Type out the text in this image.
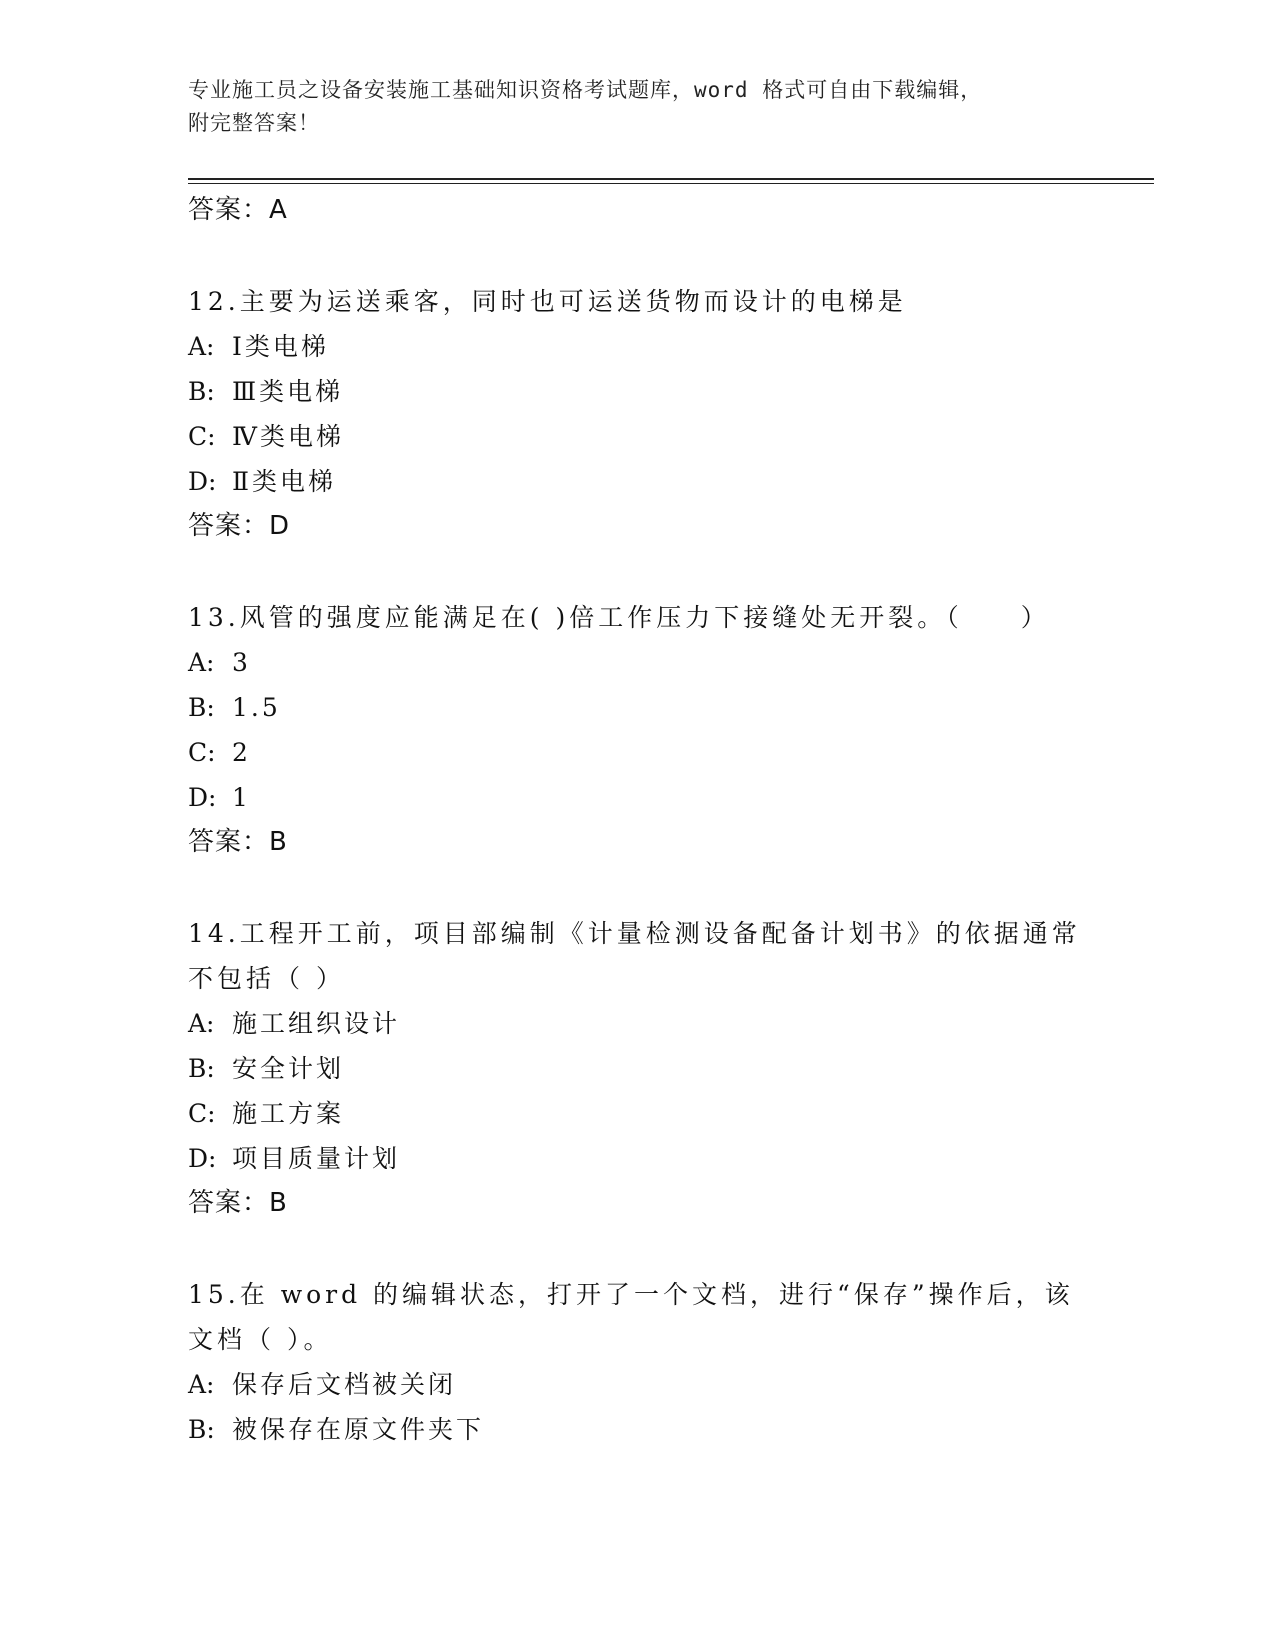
专业施工员之设备安装施工基础知识资格考试题库，word 格式可自由下载编辑，
附完整答案！
答案：A
12.主要为运送乘客，同时也可运送货物而设计的电梯是
A: Ⅰ类电梯
B: Ⅲ类电梯
C: Ⅳ类电梯
D: Ⅱ类电梯
答案：D
13.风管的强度应能满足在( )倍工作压力下接缝处无开裂。（　　）
A: 3
B: 1.5
C: 2
D: 1
答案：B
14.工程开工前，项目部编制《计量检测设备配备计划书》的依据通常
不包括（ ）
A: 施工组织设计
B: 安全计划
C: 施工方案
D: 项目质量计划
答案：B
15.在 word 的编辑状态，打开了一个文档，进行“保存”操作后，该
文档（ ）。
A: 保存后文档被关闭
B: 被保存在原文件夹下
